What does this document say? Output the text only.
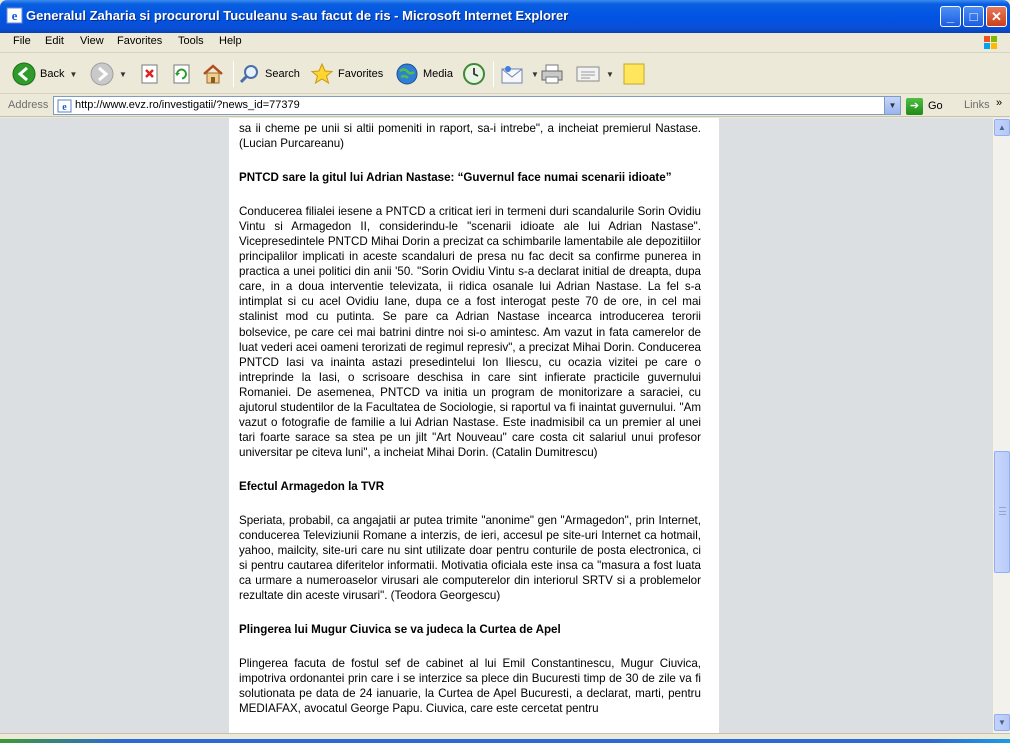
e Generalul Zaharia si procurorul Tuculeanu s-au facut de ris - Microsoft Internet Explorer	_	□	✕
File Edit View Favorites Tools Help
Back ▼	▼	Search	Favorites	Media	▼	▼
Address e http://www.evz.ro/investigatii/?news_id=77379	▼	➔ Go Links »

sa ii cheme pe unii si altii pomeniti in raport, sa-i intrebe", a incheiat premierul Nastase. (Lucian Purcareanu)

PNTCD sare la gitul lui Adrian Nastase: “Guvernul face numai scenarii idioate”

Conducerea filialei iesene a PNTCD a criticat ieri in termeni duri scandalurile Sorin Ovidiu Vintu si Armagedon II, considerindu-le "scenarii idioate ale lui Adrian Nastase". Vicepresedintele PNTCD Mihai Dorin a precizat ca schimbarile lamentabile ale depozitiilor principalilor implicati in aceste scandaluri de presa nu fac decit sa confirme punerea in practica a unei politici din anii '50. "Sorin Ovidiu Vintu s-a declarat initial de dreapta, dupa care, in a doua interventie televizata, ii ridica osanale lui Adrian Nastase. La fel s-a intimplat si cu acel Ovidiu Iane, dupa ce a fost interogat peste 70 de ore, in cel mai stalinist mod cu putinta. Se pare ca Adrian Nastase incearca introducerea terorii bolsevice, pe care cei mai batrini dintre noi si-o amintesc. Am vazut in fata camerelor de luat vederi acei oameni terorizati de regimul represiv", a precizat Mihai Dorin. Conducerea PNTCD Iasi va inainta astazi presedintelui Ion Iliescu, cu ocazia vizitei pe care o intreprinde la Iasi, o scrisoare deschisa in care sint infierate practicile guvernului Romaniei. De asemenea, PNTCD va initia un program de monitorizare a saraciei, cu ajutorul studentilor de la Facultatea de Sociologie, si raportul va fi inaintat guvernului. "Am vazut o fotografie de familie a lui Adrian Nastase. Este inadmisibil ca un premier al unei tari foarte sarace sa stea pe un jilt "Art Nouveau" care costa cit salariul unui profesor universitar pe citeva luni", a incheiat Mihai Dorin. (Catalin Dumitrescu)

Efectul Armagedon la TVR

Speriata, probabil, ca angajatii ar putea trimite "anonime" gen "Armagedon", prin Internet, conducerea Televiziunii Romane a interzis, de ieri, accesul pe site-uri Internet ca hotmail, yahoo, mailcity, site-uri care nu sint utilizate doar pentru conturile de posta electronica, ci si pentru cautarea diferitelor informatii. Motivatia oficiala este insa ca "masura a fost luata ca urmare a numeroaselor virusari ale computerelor din interiorul SRTV si a problemelor rezultate din aceste virusari". (Teodora Georgescu)

Plingerea lui Mugur Ciuvica se va judeca la Curtea de Apel

Plingerea facuta de fostul sef de cabinet al lui Emil Constantinescu, Mugur Ciuvica, impotriva ordonantei prin care i se interzice sa plece din Bucuresti timp de 30 de zile va fi solutionata pe data de 24 ianuarie, la Curtea de Apel Bucuresti, a declarat, marti, pentru MEDIAFAX, avocatul George Papu. Ciuvica, care este cercetat pentru

▲
▼
